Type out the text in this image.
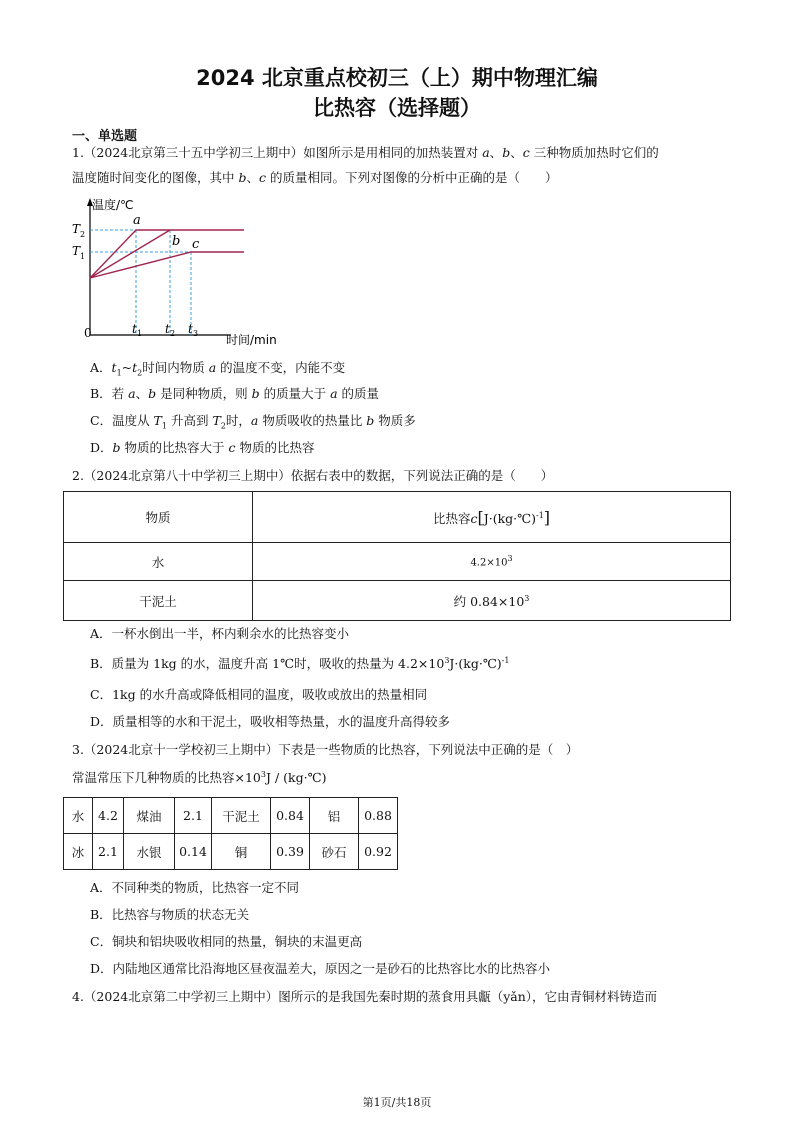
2024 北京重点校初三（上）期中物理汇编
比热容（选择题）
一、单选题
1.（2024北京第三十五中学初三上期中）如图所示是用相同的加热装置对 a、b、c 三种物质加热时它们的
温度随时间变化的图像，其中 b、c 的质量相同。下列对图像的分析中正确的是（　　）
温度/℃
时间/min
0
T 2
T 1
t 1 t 2 t 3
a
b c
A．$t_1\sim t_2$时间内物质 a 的温度不变，内能不变
B．若 a、b 是同种物质，则 b 的质量大于 a 的质量
C．温度从 $T_1$ 升高到 $T_2$时，a 物质吸收的热量比 b 物质多
D．b 物质的比热容大于 c 物质的比热容
2.（2024北京第八十中学初三上期中）依据右表中的数据，下列说法正确的是（　　）
物质	比热容c[J·(kg·℃)$^{-1}$]
水	$4.2\times 10^3$
干泥土	约 $0.84\times 10^3$
A．一杯水倒出一半，杯内剩余水的比热容变小
B．质量为 1kg 的水，温度升高 1℃时，吸收的热量为 $4.2\times 10^3J\cdot(kg\cdot℃)^{-1}$
C．1kg 的水升高或降低相同的温度，吸收或放出的热量相同
D．质量相等的水和干泥土，吸收相等热量，水的温度升高得较多
3.（2024北京十一学校初三上期中）下表是一些物质的比热容，下列说法中正确的是（　）
常温常压下几种物质的比热容$\times 10^3J$ / (kg·℃)
水	4.2	煤油	2.1	干泥土	0.84	铝	0.88
冰	2.1	水银	0.14	铜	0.39	砂石	0.92
A．不同种类的物质，比热容一定不同
B．比热容与物质的状态无关
C．铜块和铝块吸收相同的热量，铜块的末温更高
D．内陆地区通常比沿海地区昼夜温差大，原因之一是砂石的比热容比水的比热容小
4.（2024北京第二中学初三上期中）图所示的是我国先秦时期的蒸食用具甗（yǎn），它由青铜材料铸造而
第1页/共18页
